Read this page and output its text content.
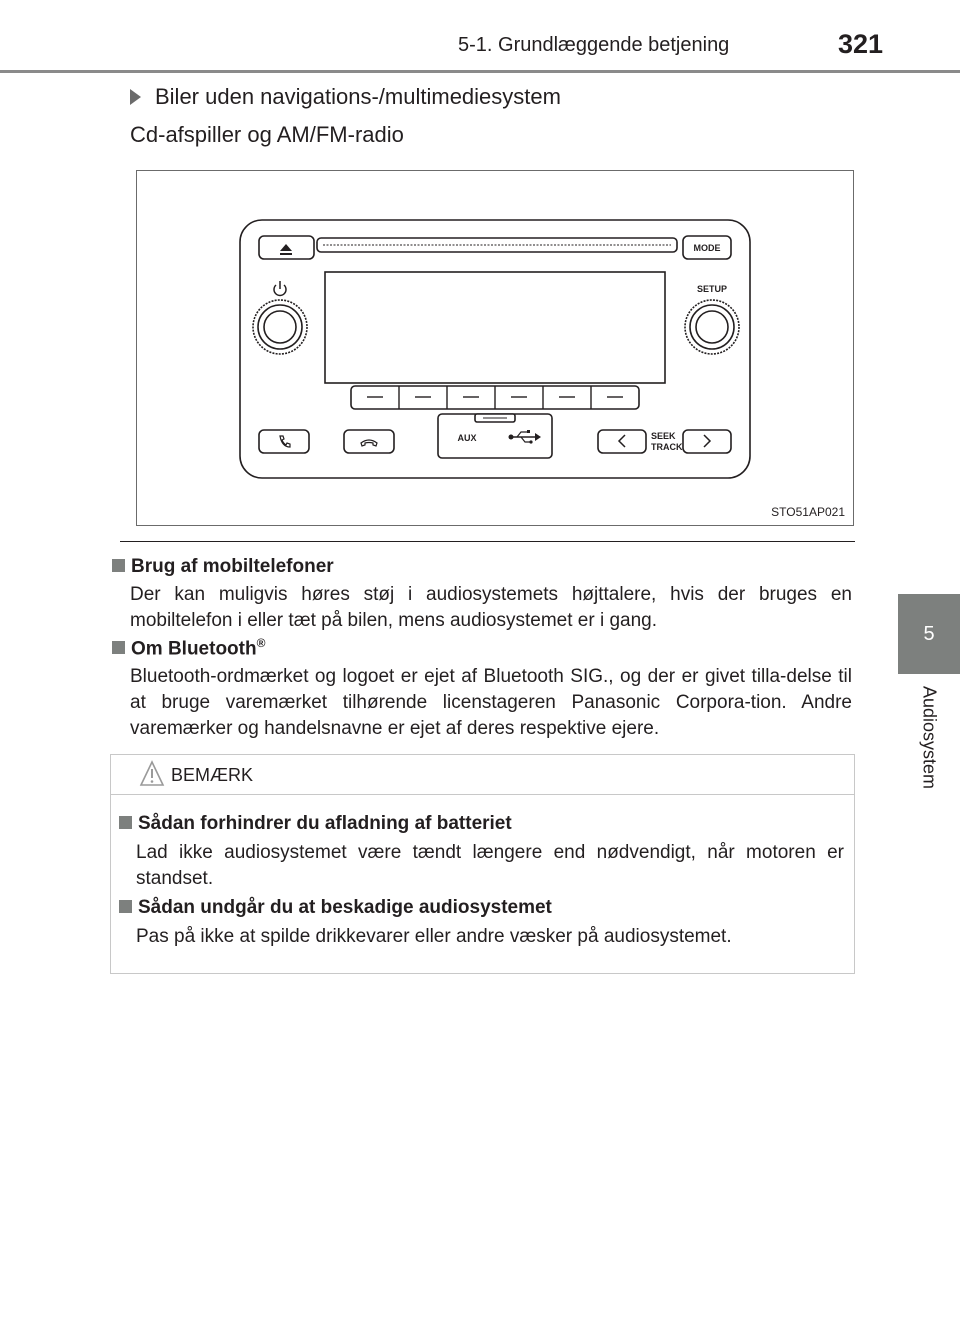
5-1. Grundlæggende betjening	321
5
Audiosystem
Biler uden navigations-/multimediesystem
Cd-afspiller og AM/FM-radio
MODE
SETUP
AUX	SEEK
TRACK
STO51AP021
Brug af mobiltelefoner
Der kan muligvis høres støj i audiosystemets højttalere, hvis der bruges en mobiltelefon i eller tæt på bilen, mens audiosystemet er i gang.
Om Bluetooth®
Bluetooth-ordmærket og logoet er ejet af Bluetooth SIG., og der er givet tilla-delse til at bruge varemærket tilhørende licenstageren Panasonic Corpora-tion. Andre varemærker og handelsnavne er ejet af deres respektive ejere.
BEMÆRK
Sådan forhindrer du afladning af batteriet
Lad ikke audiosystemet være tændt længere end nødvendigt, når motoren er standset.
Sådan undgår du at beskadige audiosystemet
Pas på ikke at spilde drikkevarer eller andre væsker på audiosystemet.
